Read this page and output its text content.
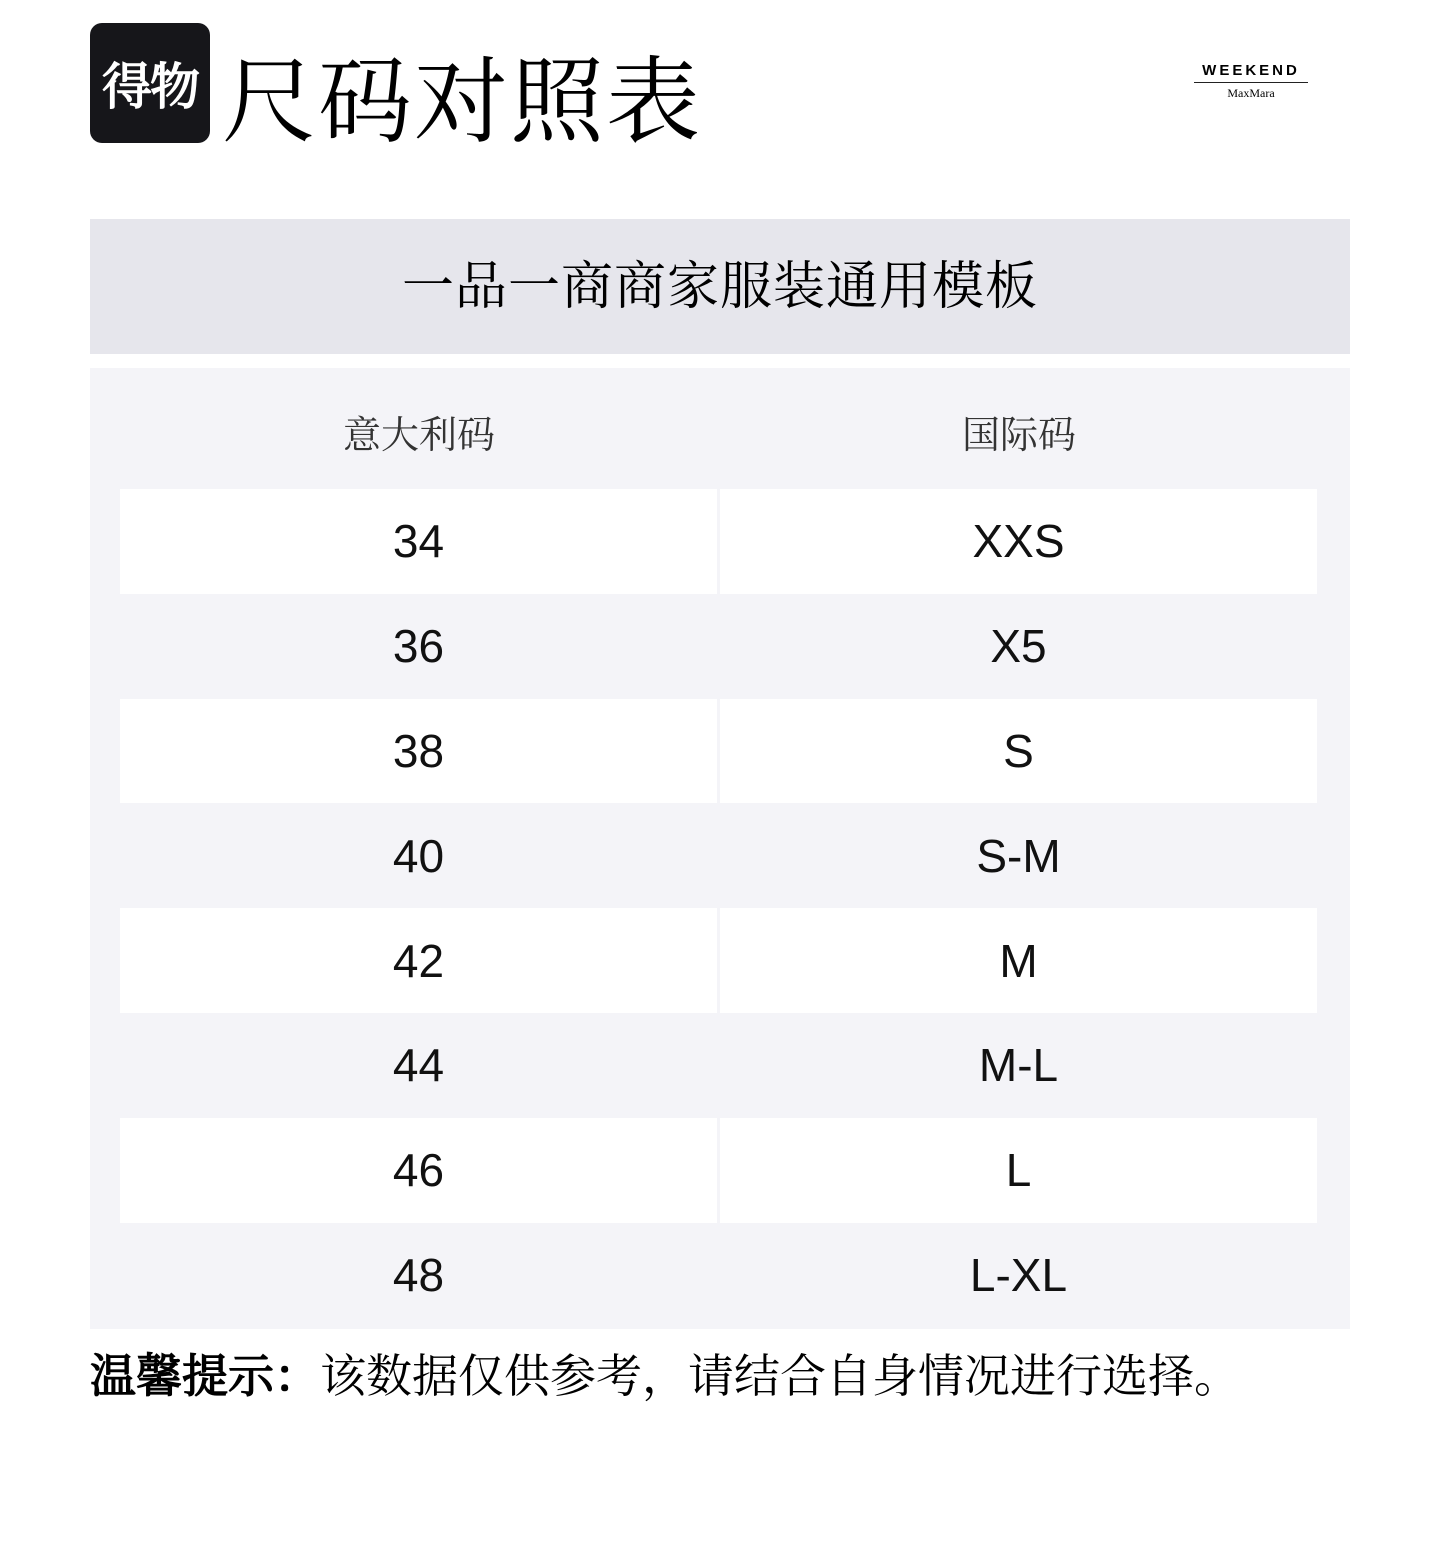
得物 尺码对照表	WEEKEND
MaxMara
一品一商商家服装通用模板
意大利码	国际码
34	XXS
36	X5
38	S
40	S-M
42	M
44	M-L
46	L
48	L-XL
温馨提示：该数据仅供参考，请结合自身情况进行选择。
